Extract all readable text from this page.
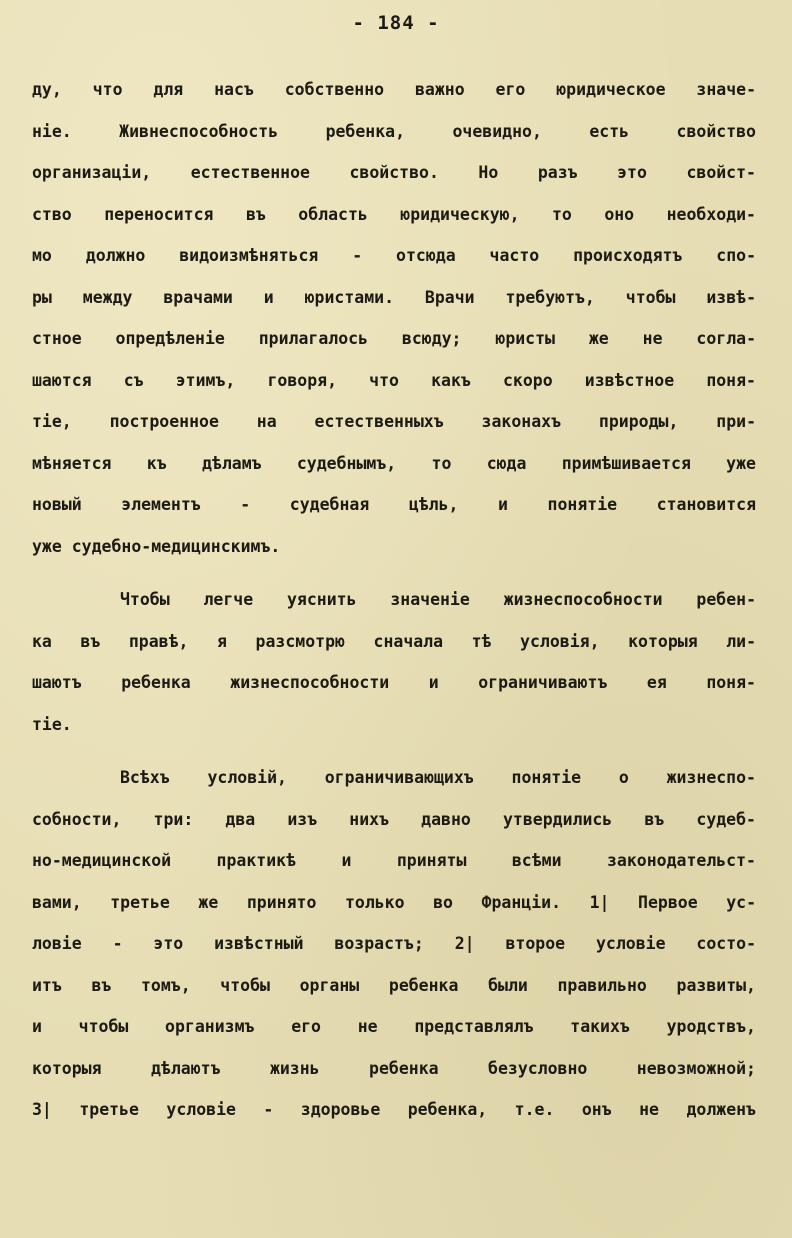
- 184 -

ду, что для насъ собственно важно его юридическое значе-
нiе. Живнеспособность ребенка, очевидно, есть свойство
организацiи, естественное свойство. Но разъ это свойст-
ство переносится въ область юридическую, то оно необходи-
мо должно видоизмѣняться - отсюда часто происходятъ спо-
ры между врачами и юристами. Врачи требуютъ, чтобы извѣ-
стное опредѣленiе прилагалось всюду; юристы же не согла-
шаются съ этимъ, говоря, что какъ скоро извѣстное поня-
тiе, построенное на естественныхъ законахъ природы, при-
мѣняется къ дѣламъ судебнымъ, то сюда примѣшивается уже
новый элементъ - судебная цѣль, и понятiе становится
уже судебно-медицинскимъ.
Чтобы легче уяснить значенiе жизнеспособности ребен-
ка въ правѣ, я разсмотрю сначала тѣ условiя, которыя ли-
шаютъ ребенка жизнеспособности и ограничиваютъ ея поня-
тiе.
Всѣхъ условiй, ограничивающихъ понятiе о жизнеспо-
собности, три: два изъ нихъ давно утвердились въ судеб-
но-медицинской практикѣ и приняты всѣми законодательст-
вами, третье же принято только во Францiи. 1| Первое ус-
ловiе - это извѣстный возрастъ; 2| второе условiе состо-
итъ въ томъ, чтобы органы ребенка были правильно развиты,
и чтобы организмъ его не представлялъ такихъ уродствъ,
которыя дѣлаютъ жизнь ребенка безусловно невозможной;
3| третье условiе - здоровье ребенка, т.е. онъ не долженъ
